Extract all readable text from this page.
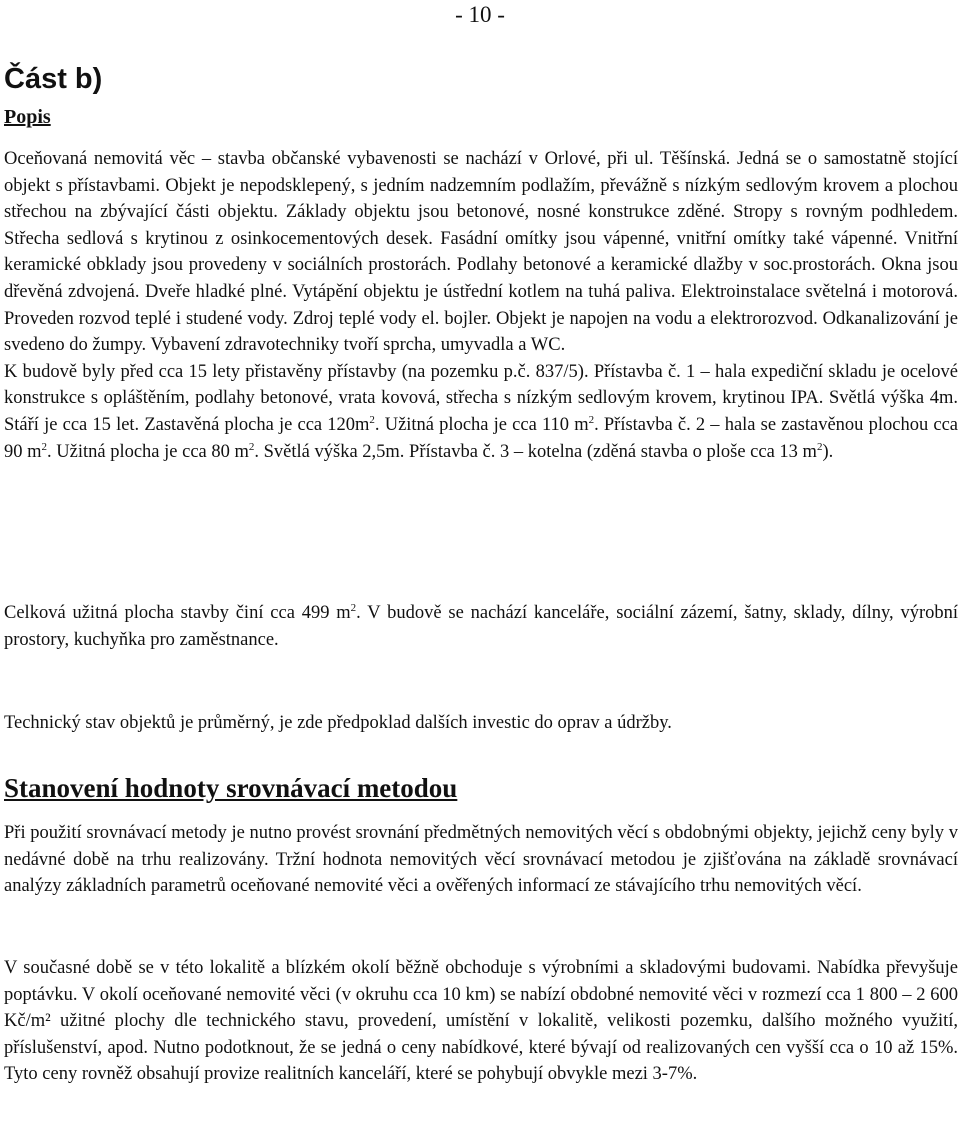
- 10 -
Část b)
Popis

Oceňovaná nemovitá věc – stavba občanské vybavenosti se nachází v Orlové, při ul. Těšínská. Jedná se o samostatně stojící objekt s přístavbami. Objekt je nepodsklepený, s jedním nadzemním podlažím, převážně s nízkým sedlovým krovem a plochou střechou na zbývající části objektu. Základy objektu jsou betonové, nosné konstrukce zděné. Stropy s rovným podhledem. Střecha sedlová s krytinou z osinkocementových desek. Fasádní omítky jsou vápenné, vnitřní omítky také vápenné. Vnitřní keramické obklady jsou provedeny v sociálních prostorách. Podlahy betonové a keramické dlažby v soc.prostorách. Okna jsou dřevěná zdvojená. Dveře hladké plné. Vytápění objektu je ústřední kotlem na tuhá paliva. Elektroinstalace světelná i motorová. Proveden rozvod teplé i studené vody. Zdroj teplé vody el. bojler. Objekt je napojen na vodu a elektrorozvod. Odkanalizování je svedeno do žumpy. Vybavení zdravotechniky tvoří sprcha, umyvadla a WC.
K budově byly před cca 15 lety přistavěny přístavby (na pozemku p.č. 837/5). Přístavba č. 1 – hala expediční skladu je ocelové konstrukce s opláštěním, podlahy betonové, vrata kovová, střecha s nízkým sedlovým krovem, krytinou IPA. Světlá výška 4m. Stáří je cca 15 let. Zastavěná plocha je cca $120m^2$. Užitná plocha je cca 110 $m^2$. Přístavba č. 2 – hala se zastavěnou plochou cca 90 $m^2$. Užitná plocha je cca 80 $m^2$. Světlá výška 2,5m. Přístavba č. 3 – kotelna (zděná stavba o ploše cca 13 $m^2$).

Celková užitná plocha stavby činí cca 499 $m^2$. V budově se nachází kanceláře, sociální zázemí, šatny, sklady, dílny, výrobní prostory, kuchyňka pro zaměstnance.

Technický stav objektů je průměrný, je zde předpoklad dalších investic do oprav a údržby.

Stanovení hodnoty srovnávací metodou

Při použití srovnávací metody je nutno provést srovnání předmětných nemovitých věcí s obdobnými objekty, jejichž ceny byly v nedávné době na trhu realizovány. Tržní hodnota nemovitých věcí srovnávací metodou je zjišťována na základě srovnávací analýzy základních parametrů oceňované nemovité věci a ověřených informací ze stávajícího trhu nemovitých věcí.

V současné době se v této lokalitě a blízkém okolí běžně obchoduje s výrobními a skladovými budovami. Nabídka převyšuje poptávku. V okolí oceňované nemovité věci (v okruhu cca 10 km) se nabízí obdobné nemovité věci v rozmezí cca 1 800 – 2 600 Kč/m² užitné plochy dle technického stavu, provedení, umístění v lokalitě, velikosti pozemku, dalšího možného využití, příslušenství, apod. Nutno podotknout, že se jedná o ceny nabídkové, které bývají od realizovaných cen vyšší cca o 10 až 15%. Tyto ceny rovněž obsahují provize realitních kanceláří, které se pohybují obvykle mezi 3-7%.
